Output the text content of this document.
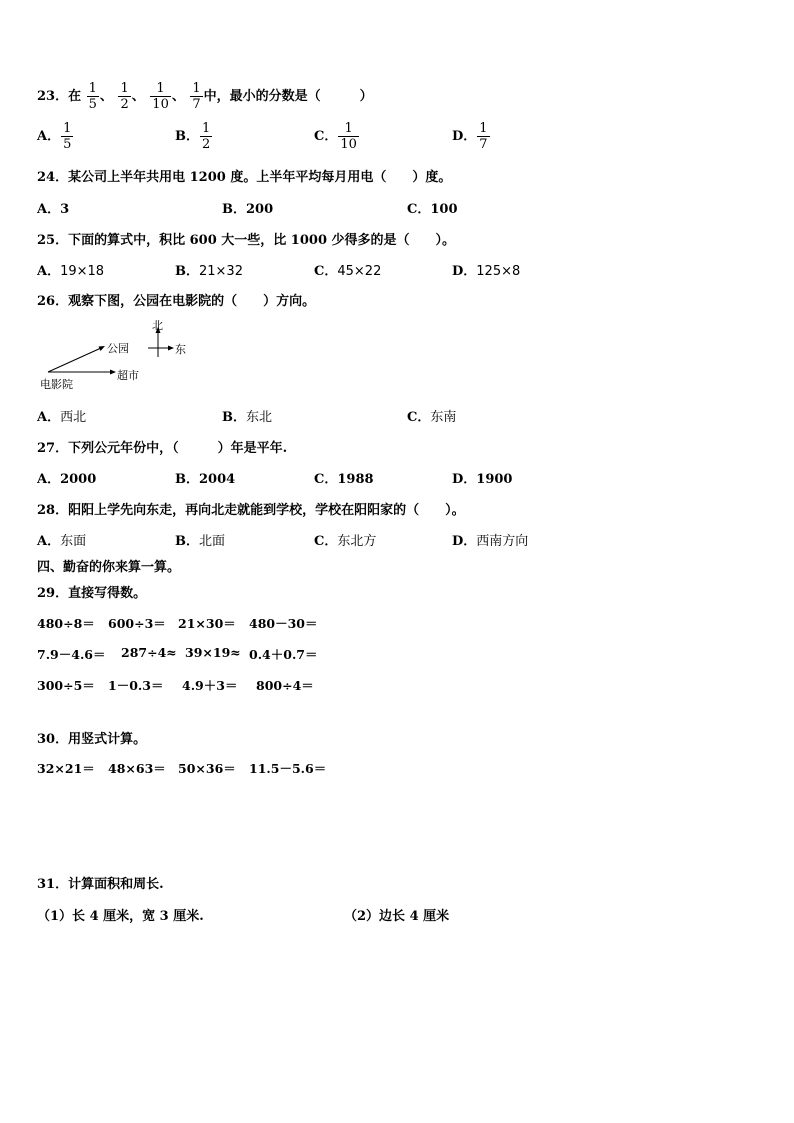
23．在 $\frac{1}{5}$ 、 $\frac{1}{2}$ 、 $\frac{1}{10}$ 、 $\frac{1}{7}$ 中，最小的分数是（　　　）
A． $\frac{1}{5}$	B． $\frac{1}{2}$	C． $\frac{1}{10}$	D． $\frac{1}{7}$
24．某公司上半年共用电 1200 度。上半年平均每月用电（　　）度。
A．3	B．200	C．100
25．下面的算式中，积比 600 大一些，比 1000 少得多的是（　　）。
A．19×18	B．21×32	C．45×22	D．125×8
26．观察下图，公园在电影院的（　　）方向。
北
东
公园
超市
电影院
A．西北	B．东北	C．东南
27．下列公元年份中，（　　　）年是平年.
A．2000	B．2004	C．1988	D．1900
28．阳阳上学先向东走，再向北走就能到学校，学校在阳阳家的（　　）。
A．东面	B．北面	C．东北方	D．西南方向
四、勤奋的你来算一算。
29．直接写得数。
480÷8＝ 600÷3＝ 21×30＝ 480－30＝
7.9－4.6＝ 287÷4≈ 39×19≈ 0.4＋0.7＝
300÷5＝ 1－0.3＝ 4.9＋3＝ 800÷4＝
30．用竖式计算。
32×21＝ 48×63＝ 50×36＝ 11.5－5.6＝
31．计算面积和周长.
（1）长 4 厘米，宽 3 厘米.	（2）边长 4 厘米
